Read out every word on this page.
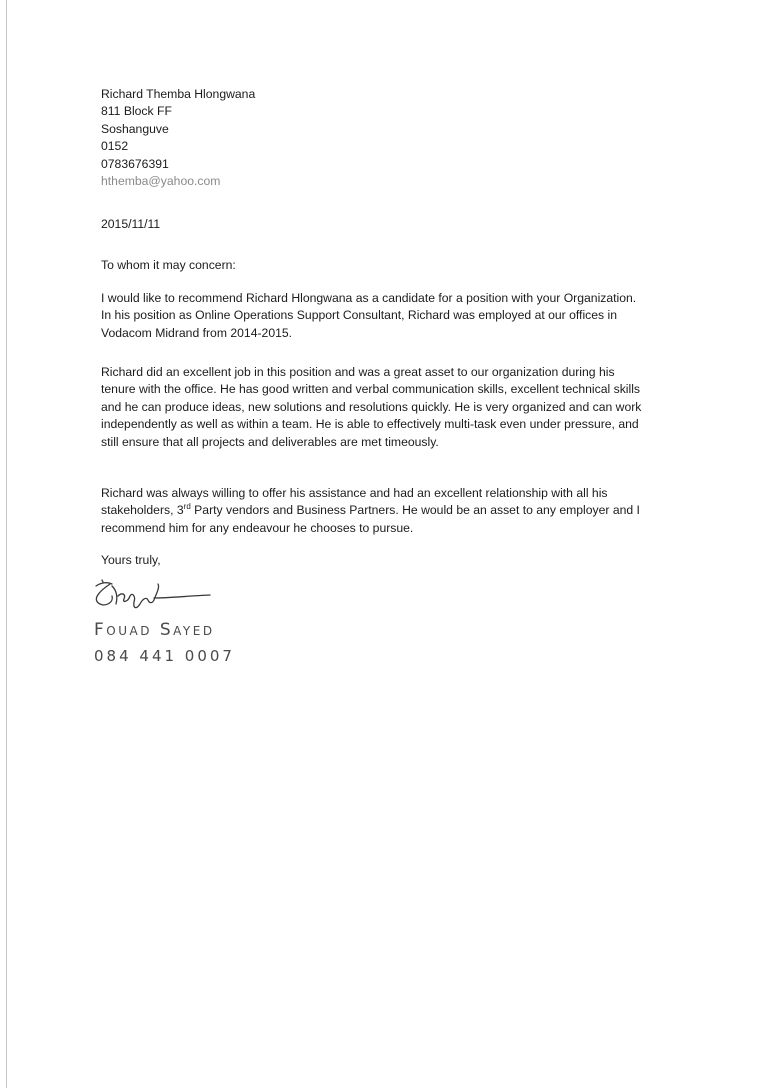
Richard Themba Hlongwana
811 Block FF
Soshanguve
0152
0783676391
hthemba@yahoo.com
2015/11/11
To whom it may concern:
I would like to recommend Richard Hlongwana as a candidate for a position with your Organization.
In his position as Online Operations Support Consultant, Richard was employed at our offices in
Vodacom Midrand from 2014-2015.
Richard did an excellent job in this position and was a great asset to our organization during his
tenure with the office. He has good written and verbal communication skills, excellent technical skills
and he can produce ideas, new solutions and resolutions quickly. He is very organized and can work
independently as well as within a team. He is able to effectively multi-task even under pressure, and
still ensure that all projects and deliverables are met timeously.
Richard was always willing to offer his assistance and had an excellent relationship with all his
stakeholders, 3rd Party vendors and Business Partners. He would be an asset to any employer and I
recommend him for any endeavour he chooses to pursue.
Yours truly,
Fouad Sayed
084 441 0007
